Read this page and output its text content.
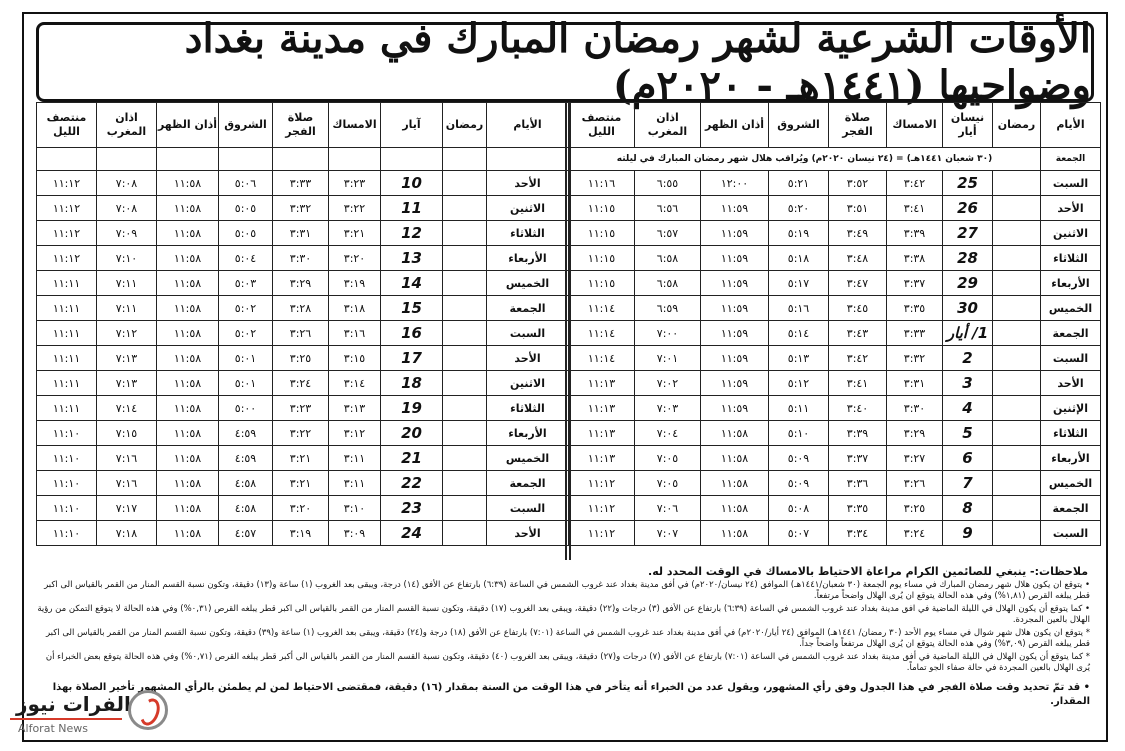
الأوقات الشرعية لشهر رمضان المبارك في مدينة بغداد وضواحيها (١٤٤١هـ - ٢٠٢٠م)
الأيام	رمضان	نيسان أيار	الامساك	صلاة الفجر	الشروق	أذان الظهر	اذان المغرب	منتصف الليل
الجمعة	(٣٠ شعبان ١٤٤١هـ) = (٢٤ نيسان ٢٠٢٠م) ويُراقب هلال شهر رمضان المبارك في ليلته							
السبت		25	٣:٤٢	٣:٥٢	٥:٢١	١٢:٠٠	٦:٥٥	١١:١٦
الأحد		26	٣:٤١	٣:٥١	٥:٢٠	١١:٥٩	٦:٥٦	١١:١٥
الاثنين		27	٣:٣٩	٣:٤٩	٥:١٩	١١:٥٩	٦:٥٧	١١:١٥
الثلاثاء		28	٣:٣٨	٣:٤٨	٥:١٨	١١:٥٩	٦:٥٨	١١:١٥
الأربعاء		29	٣:٣٧	٣:٤٧	٥:١٧	١١:٥٩	٦:٥٨	١١:١٥
الخميس		30	٣:٣٥	٣:٤٥	٥:١٦	١١:٥٩	٦:٥٩	١١:١٤
الجمعة		1/ أيار	٣:٣٣	٣:٤٣	٥:١٤	١١:٥٩	٧:٠٠	١١:١٤
السبت		2	٣:٣٢	٣:٤٢	٥:١٣	١١:٥٩	٧:٠١	١١:١٤
الأحد		3	٣:٣١	٣:٤١	٥:١٢	١١:٥٩	٧:٠٢	١١:١٣
الإثنين		4	٣:٣٠	٣:٤٠	٥:١١	١١:٥٩	٧:٠٣	١١:١٣
الثلاثاء		5	٣:٢٩	٣:٣٩	٥:١٠	١١:٥٨	٧:٠٤	١١:١٣
الأربعاء		6	٣:٢٧	٣:٣٧	٥:٠٩	١١:٥٨	٧:٠٥	١١:١٣
الخميس		7	٣:٢٦	٣:٣٦	٥:٠٩	١١:٥٨	٧:٠٥	١١:١٢
الجمعة		8	٣:٢٥	٣:٣٥	٥:٠٨	١١:٥٨	٧:٠٦	١١:١٢
السبت		9	٣:٢٤	٣:٣٤	٥:٠٧	١١:٥٨	٧:٠٧	١١:١٢
الأيام	رمضان	آيار	الامساك	صلاة الفجر	الشروق	أذان الظهر	اذان المغرب	منتصف الليل

الأحد		10	٣:٢٣	٣:٣٣	٥:٠٦	١١:٥٨	٧:٠٨	١١:١٢
الاثنين		11	٣:٢٢	٣:٣٢	٥:٠٥	١١:٥٨	٧:٠٨	١١:١٢
الثلاثاء		12	٣:٢١	٣:٣١	٥:٠٥	١١:٥٨	٧:٠٩	١١:١٢
الأربعاء		13	٣:٢٠	٣:٣٠	٥:٠٤	١١:٥٨	٧:١٠	١١:١٢
الخميس		14	٣:١٩	٣:٢٩	٥:٠٣	١١:٥٨	٧:١١	١١:١١
الجمعة		15	٣:١٨	٣:٢٨	٥:٠٢	١١:٥٨	٧:١١	١١:١١
السبت		16	٣:١٦	٣:٢٦	٥:٠٢	١١:٥٨	٧:١٢	١١:١١
الأحد		17	٣:١٥	٣:٢٥	٥:٠١	١١:٥٨	٧:١٣	١١:١١
الاثنين		18	٣:١٤	٣:٢٤	٥:٠١	١١:٥٨	٧:١٣	١١:١١
الثلاثاء		19	٣:١٣	٣:٢٣	٥:٠٠	١١:٥٨	٧:١٤	١١:١١
الأربعاء		20	٣:١٢	٣:٢٢	٤:٥٩	١١:٥٨	٧:١٥	١١:١٠
الخميس		21	٣:١١	٣:٢١	٤:٥٩	١١:٥٨	٧:١٦	١١:١٠
الجمعة		22	٣:١١	٣:٢١	٤:٥٨	١١:٥٨	٧:١٦	١١:١٠
السبت		23	٣:١٠	٣:٢٠	٤:٥٨	١١:٥٨	٧:١٧	١١:١٠
الأحد		24	٣:٠٩	٣:١٩	٤:٥٧	١١:٥٨	٧:١٨	١١:١٠
ملاحظات:- ينبغي للصائمين الكرام مراعاة الاحتياط بالامساك في الوقت المحدد له.

• يتوقع ان يكون هلال شهر رمضان المبارك في مساء يوم الجمعة (٣٠ شعبان/١٤٤١هـ) الموافق (٢٤ نيسان/٢٠٢٠م) في أفق مدينة بغداد عند غروب الشمس في الساعة (٦:٣٩) بارتفاع عن الأفق (١٤) درجة، ويبقى بعد الغروب (١) ساعة و(١٣) دقيقة، وتكون نسبة القسم المنار من القمر بالقياس الى اكبر قطر يبلغه القرص (١,٨١%) وفي هذه الحالة يتوقع ان يُرى الهلال واضحاً مرتفعاً.

• كما يتوقع أن يكون الهلال في الليلة الماضية في افق مدينة بغداد عند غروب الشمس في الساعة (٦:٣٩) بارتفاع عن الأفق (٣) درجات و(٢٢) دقيقة، ويبقى بعد الغروب (١٧) دقيقة، وتكون نسبة القسم المنار من القمر بالقياس الى اكبر قطر يبلغه القرص (٠,٣١%) وفي هذه الحالة لا يتوقع التمكن من رؤية الهلال بالعين المجردة.

* يتوقع ان يكون هلال شهر شوال في مساء يوم الأحد (٣٠ رمضان/ ١٤٤١هـ) الموافق (٢٤ أيار/٢٠٢٠م) في أفق مدينة بغداد عند غروب الشمس في الساعة (٧:٠١) بارتفاع عن الأفق (١٨) درجة و(٢٤) دقيقة، ويبقى بعد الغروب (١) ساعة و(٣٩) دقيقة، وتكون نسبة القسم المنار من القمر بالقياس الى اكبر قطر يبلغه القرص (٣,٠٩%) وفي هذه الحالة يتوقع ان يُرى الهلال مرتفعاً واضحاً جداً.

* كما يتوقع أن يكون الهلال في الليلة الماضية في أفق مدينة بغداد عند غروب الشمس في الساعة (٧:٠١) بارتفاع عن الأفق (٧) درجات و(٢٧) دقيقة، ويبقى بعد الغروب (٤٠) دقيقة، وتكون نسبة القسم المنار من القمر بالقياس الى أكبر قطر يبلغه القرص (٠,٧١%) وفي هذه الحالة يتوقع بعض الخبراء أن يُرى الهلال بالعين المجردة في حالة صفاء الجو تماماً.

• قد تمّ تحديد وقت صلاة الفجر في هذا الجدول وفق رأي المشهور، ويقول عدد من الخبراء أنه يتأخر في هذا الوقت من السنة بمقدار (١٦) دقيقة، فمقتضى الاحتياط لمن لم يطمئن بالرأي المشهور تأخير الصلاة بهذا المقدار.

الفرات نيوز
Alforat News
